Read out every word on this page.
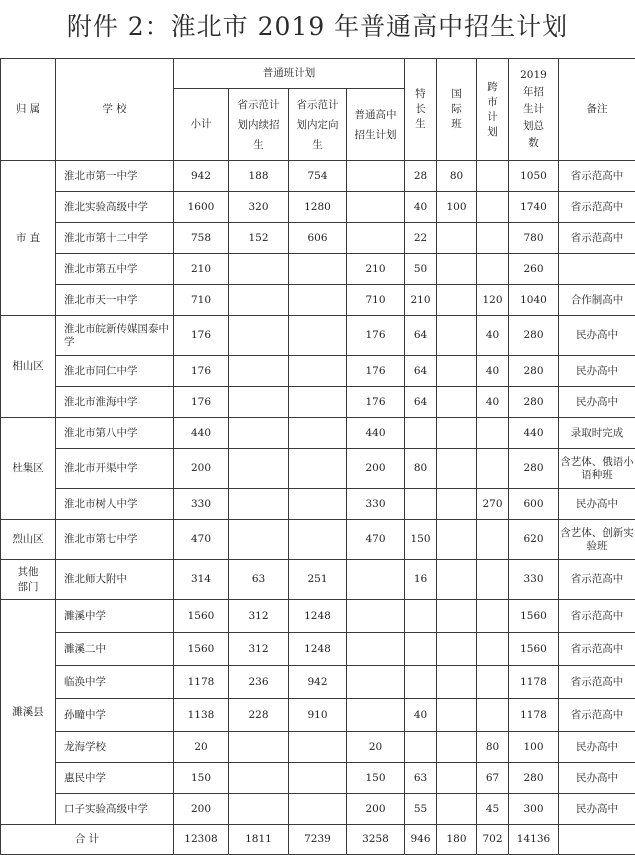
附件 2：淮北市 2019 年普通高中招生计划
归 属	学 校	普通班计划				特长生	国际班	跨市计划	2019年招生计划总数	备注
		小计	省示范计划内续招生	省示范计划内定向生	普通高中招生计划					
市 直	淮北市第一中学	942	188	754		28	80		1050	省示范高中
	淮北实验高级中学	1600	320	1280		40	100		1740	省示范高中
	淮北市第十二中学	758	152	606		22			780	省示范高中
	淮北市第五中学	210			210	50			260	
	淮北市天一中学	710			710	210		120	1040	合作制高中
相山区	淮北市皖新传媒国泰中学	176			176	64		40	280	民办高中
	淮北市同仁中学	176			176	64		40	280	民办高中
	淮北市淮海中学	176			176	64		40	280	民办高中
杜集区	淮北市第八中学	440			440				440	录取时完成
	淮北市开渠中学	200			200	80			280	含艺体、俄语小语种班
	淮北市树人中学	330			330			270	600	民办高中
烈山区	淮北市第七中学	470			470	150			620	含艺体、创新实验班
其他部门	淮北师大附中	314	63	251		16			330	省示范高中
濉溪县	濉溪中学	1560	312	1248					1560	省示范高中
	濉溪二中	1560	312	1248					1560	省示范高中
	临涣中学	1178	236	942					1178	省示范高中
	孙疃中学	1138	228	910		40			1178	省示范高中
	龙海学校	20			20			80	100	民办高中
	惠民中学	150			150	63		67	280	民办高中
	口子实验高级中学	200			200	55		45	300	民办高中
合 计		12308	1811	7239	3258	946	180	702	14136	
